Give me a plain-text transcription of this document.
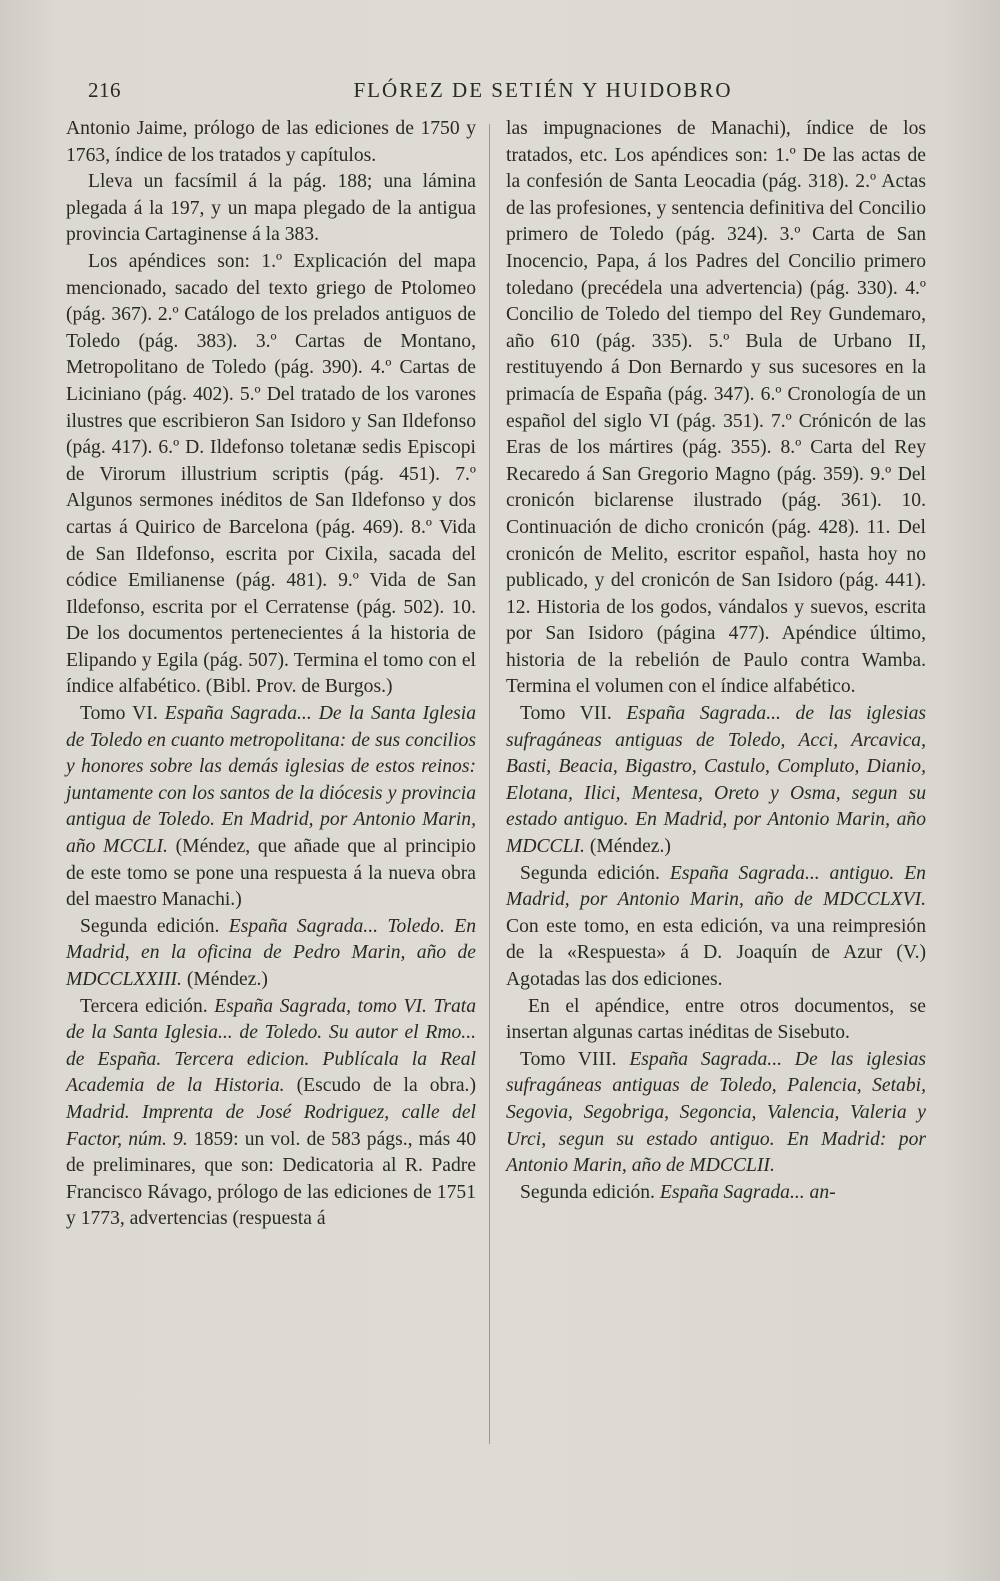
216	FLÓREZ DE SETIÉN Y HUIDOBRO

Antonio Jaime, prólogo de las ediciones de 1750 y 1763, índice de los tratados y capítulos.

Lleva un facsímil á la pág. 188; una lámina plegada á la 197, y un mapa plegado de la antigua provincia Cartaginense á la 383.

Los apéndices son: 1.º Explicación del mapa mencionado, sacado del texto griego de Ptolomeo (pág. 367). 2.º Catálogo de los prelados antiguos de Toledo (pág. 383). 3.º Cartas de Montano, Metropolitano de Toledo (pág. 390). 4.º Cartas de Liciniano (pág. 402). 5.º Del tratado de los varones ilustres que escribieron San Isidoro y San Ildefonso (pág. 417). 6.º D. Ildefonso toletanæ sedis Episcopi de Virorum illustrium scriptis (pág. 451). 7.º Algunos sermones inéditos de San Ildefonso y dos cartas á Quirico de Barcelona (pág. 469). 8.º Vida de San Ildefonso, escrita por Cixila, sacada del códice Emilianense (pág. 481). 9.º Vida de San Ildefonso, escrita por el Cerratense (pág. 502). 10. De los documentos pertenecientes á la historia de Elipando y Egila (pág. 507). Termina el tomo con el índice alfabético. (Bibl. Prov. de Burgos.)

Tomo VI. España Sagrada... De la Santa Iglesia de Toledo en cuanto metropolitana: de sus concilios y honores sobre las demás iglesias de estos reinos: juntamente con los santos de la diócesis y provincia antigua de Toledo. En Madrid, por Antonio Marin, año MCCLI. (Méndez, que añade que al principio de este tomo se pone una respuesta á la nueva obra del maestro Manachi.)

Segunda edición. España Sagrada... Toledo. En Madrid, en la oficina de Pedro Marin, año de MDCCLXXIII. (Méndez.)

Tercera edición. España Sagrada, tomo VI. Trata de la Santa Iglesia... de Toledo. Su autor el Rmo... de España. Tercera edicion. Publícala la Real Academia de la Historia. (Escudo de la obra.) Madrid. Imprenta de José Rodriguez, calle del Factor, núm. 9. 1859: un vol. de 583 págs., más 40 de preliminares, que son: Dedicatoria al R. Padre Francisco Rávago, prólogo de las ediciones de 1751 y 1773, advertencias (respuesta á

las impugnaciones de Manachi), índice de los tratados, etc. Los apéndices son: 1.º De las actas de la confesión de Santa Leocadia (pág. 318). 2.º Actas de las profesiones, y sentencia definitiva del Concilio primero de Toledo (pág. 324). 3.º Carta de San Inocencio, Papa, á los Padres del Concilio primero toledano (precédela una advertencia) (pág. 330). 4.º Concilio de Toledo del tiempo del Rey Gundemaro, año 610 (pág. 335). 5.º Bula de Urbano II, restituyendo á Don Bernardo y sus sucesores en la primacía de España (pág. 347). 6.º Cronología de un español del siglo VI (pág. 351). 7.º Crónicón de las Eras de los mártires (pág. 355). 8.º Carta del Rey Recaredo á San Gregorio Magno (pág. 359). 9.º Del cronicón biclarense ilustrado (pág. 361). 10. Continuación de dicho cronicón (pág. 428). 11. Del cronicón de Melito, escritor español, hasta hoy no publicado, y del cronicón de San Isidoro (pág. 441). 12. Historia de los godos, vándalos y suevos, escrita por San Isidoro (página 477). Apéndice último, historia de la rebelión de Paulo contra Wamba. Termina el volumen con el índice alfabético.

Tomo VII. España Sagrada... de las iglesias sufragáneas antiguas de Toledo, Acci, Arcavica, Basti, Beacia, Bigastro, Castulo, Compluto, Dianio, Elotana, Ilici, Mentesa, Oreto y Osma, segun su estado antiguo. En Madrid, por Antonio Marin, año MDCCLI. (Méndez.)

Segunda edición. España Sagrada... antiguo. En Madrid, por Antonio Marin, año de MDCCLXVI. Con este tomo, en esta edición, va una reimpresión de la «Respuesta» á D. Joaquín de Azur (V.) Agotadas las dos ediciones.

En el apéndice, entre otros documentos, se insertan algunas cartas inéditas de Sisebuto.

Tomo VIII. España Sagrada... De las iglesias sufragáneas antiguas de Toledo, Palencia, Setabi, Segovia, Segobriga, Segoncia, Valencia, Valeria y Urci, segun su estado antiguo. En Madrid: por Antonio Marin, año de MDCCLII.

Segunda edición. España Sagrada... an-
